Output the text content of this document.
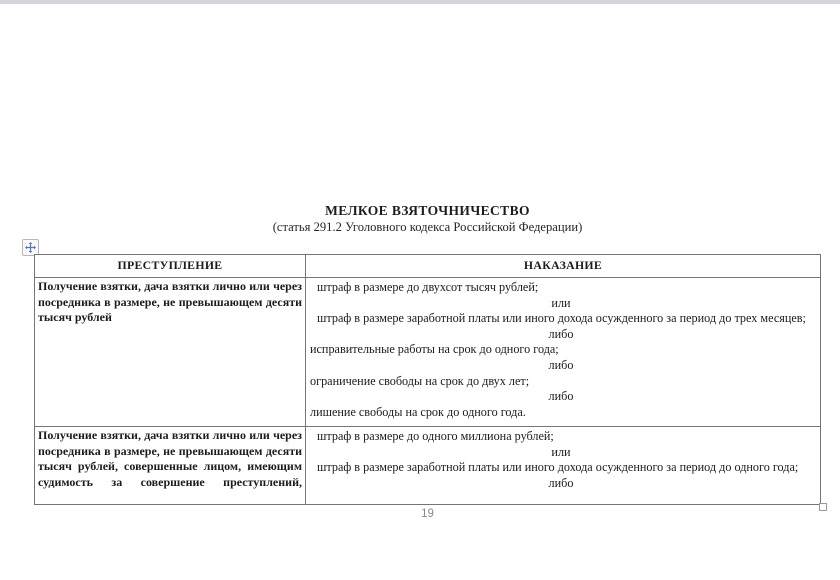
МЕЛКОЕ ВЗЯТОЧНИЧЕСТВО
(статья 291.2 Уголовного кодекса Российской Федерации)
ПРЕСТУПЛЕНИЕ	НАКАЗАНИЕ
Получение взятки, дача взятки лично или через посредника в размере, не превышающем десяти тысяч рублей

штраф в размере до двухсот тысяч рублей;

или

штраф в размере заработной платы или иного дохода осужденного за период до трех месяцев;

либо

исправительные работы на срок до одного года;

либо

ограничение свободы на срок до двух лет;

либо

лишение свободы на срок до одного года.

Получение взятки, дача взятки лично или через посредника в размере, не превышающем десяти тысяч рублей, совершенные лицом, имеющим судимость за совершение преступлений,

штраф в размере до одного миллиона рублей;

или

штраф в размере заработной платы или иного дохода осужденного за период до одного года;

либо

19
